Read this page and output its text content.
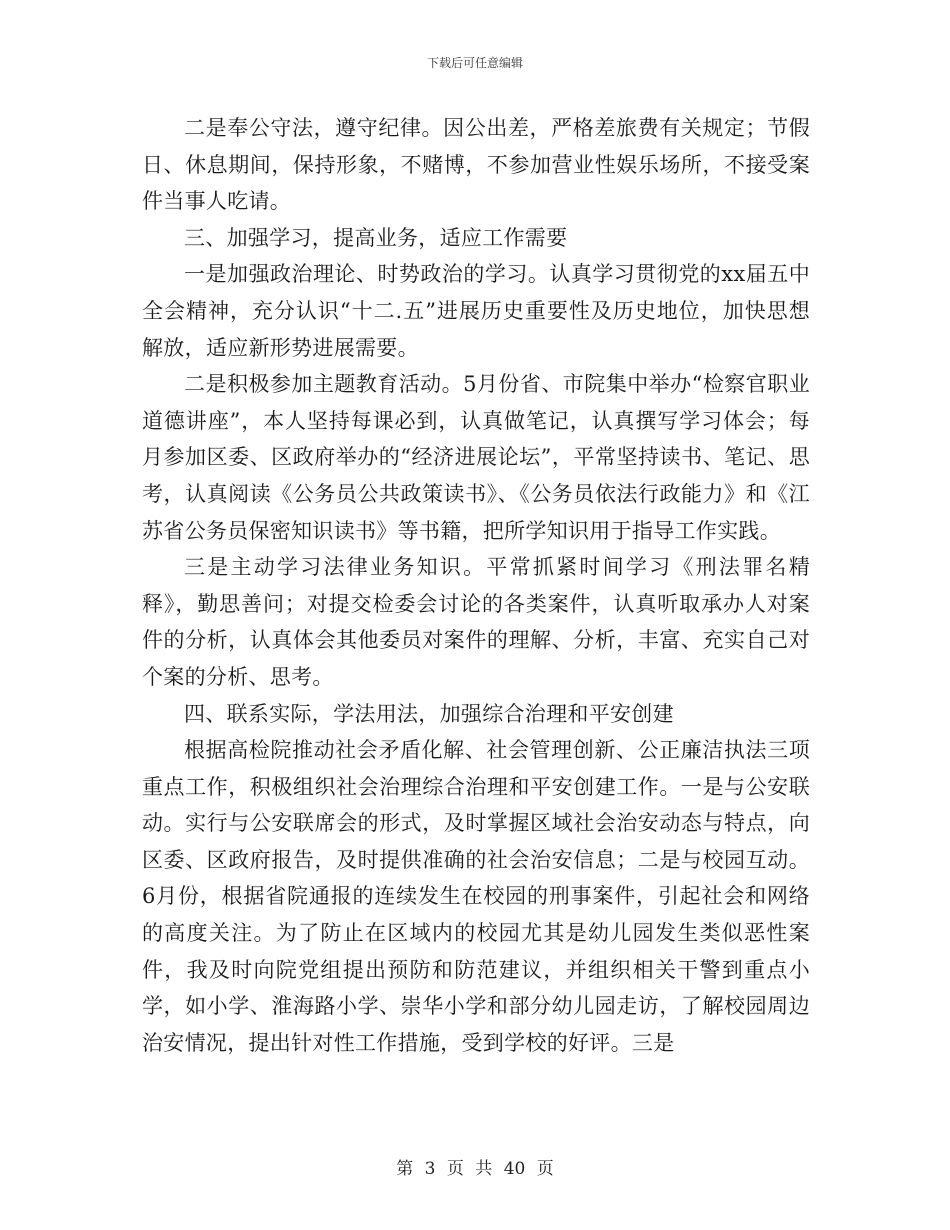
下载后可任意编辑

二是奉公守法，遵守纪律。因公出差，严格差旅费有关规定；节假日、休息期间，保持形象，不赌博，不参加营业性娱乐场所，不接受案件当事人吃请。

三、加强学习，提高业务，适应工作需要

一是加强政治理论、时势政治的学习。认真学习贯彻党的xx届五中全会精神，充分认识“十二.五”进展历史重要性及历史地位，加快思想解放，适应新形势进展需要。

二是积极参加主题教育活动。5月份省、市院集中举办“检察官职业道德讲座”，本人坚持每课必到，认真做笔记，认真撰写学习体会；每月参加区委、区政府举办的“经济进展论坛”，平常坚持读书、笔记、思考，认真阅读《公务员公共政策读书》、《公务员依法行政能力》和《江苏省公务员保密知识读书》等书籍，把所学知识用于指导工作实践。

三是主动学习法律业务知识。平常抓紧时间学习《刑法罪名精释》，勤思善问；对提交检委会讨论的各类案件，认真听取承办人对案件的分析，认真体会其他委员对案件的理解、分析，丰富、充实自己对个案的分析、思考。

四、联系实际，学法用法，加强综合治理和平安创建

根据高检院推动社会矛盾化解、社会管理创新、公正廉洁执法三项重点工作，积极组织社会治理综合治理和平安创建工作。一是与公安联动。实行与公安联席会的形式，及时掌握区域社会治安动态与特点，向区委、区政府报告，及时提供准确的社会治安信息；二是与校园互动。6月份，根据省院通报的连续发生在校园的刑事案件，引起社会和网络的高度关注。为了防止在区域内的校园尤其是幼儿园发生类似恶性案件，我及时向院党组提出预防和防范建议，并组织相关干警到重点小学，如小学、淮海路小学、崇华小学和部分幼儿园走访，了解校园周边治安情况，提出针对性工作措施，受到学校的好评。三是

第 3 页 共 40 页
